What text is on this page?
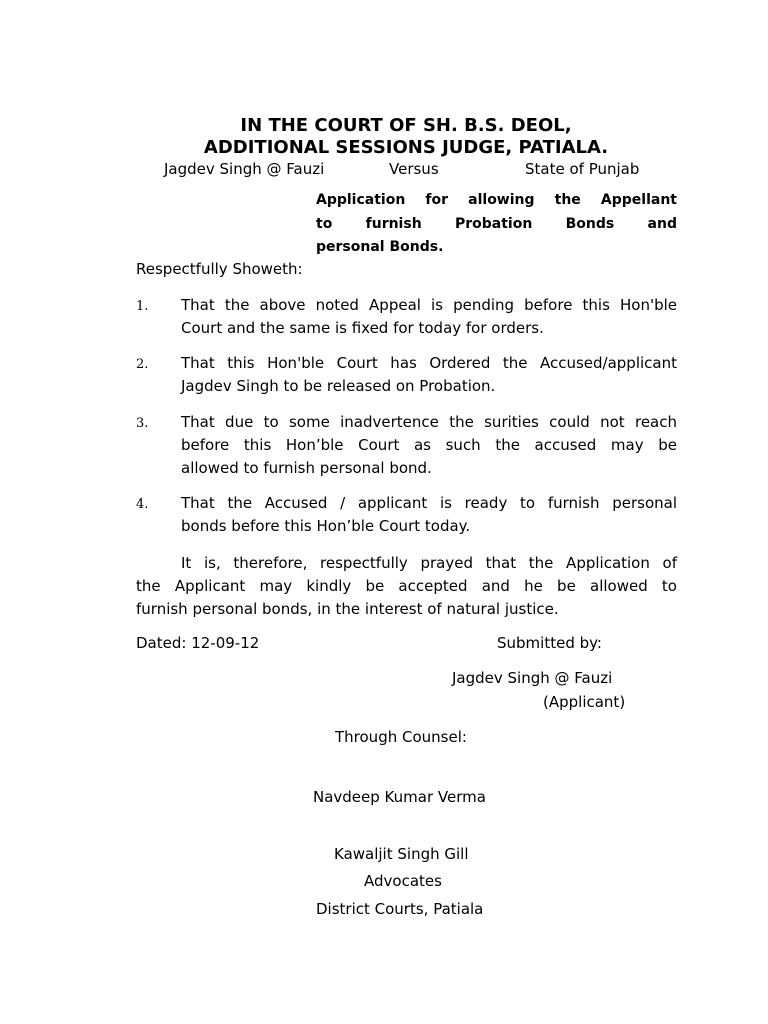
IN THE COURT OF SH. B.S. DEOL,
ADDITIONAL SESSIONS JUDGE, PATIALA.
Jagdev Singh @ Fauzi	Versus	State of Punjab
Application for allowing the Appellant
to furnish Probation Bonds and
personal Bonds.
Respectfully Showeth:
1. That the above noted Appeal is pending before this Hon'ble
Court and the same is fixed for today for orders.
2. That this Hon'ble Court has Ordered the Accused/applicant
Jagdev Singh to be released on Probation.
3. That due to some inadvertence the surities could not reach
before this Hon’ble Court as such the accused may be
allowed to furnish personal bond.
4. That the Accused / applicant is ready to furnish personal
bonds before this Hon’ble Court today.
It is, therefore, respectfully prayed that the Application of
the Applicant may kindly be accepted and he be allowed to
furnish personal bonds, in the interest of natural justice.
Dated: 12-09-12	Submitted by:
Jagdev Singh @ Fauzi
(Applicant)
Through Counsel:
Navdeep Kumar Verma
Kawaljit Singh Gill
Advocates
District Courts, Patiala
